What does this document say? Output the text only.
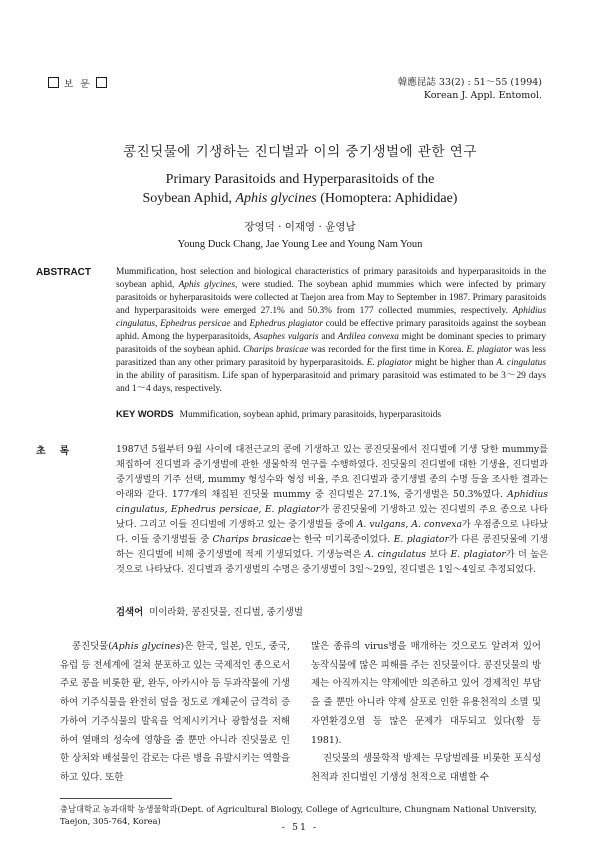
보 문	韓應昆誌 33(2) : 51～55 (1994)
Korean J. Appl. Entomol.
콩진딧물에 기생하는 진디벌과 이의 중기생벌에 관한 연구
Primary Parasitoids and Hyperparasitoids of the
Soybean Aphid, Aphis glycines (Homoptera: Aphididae)
장영덕 · 이재영 · 윤영남
Young Duck Chang, Jae Young Lee and Young Nam Youn
ABSTRACT	Mummification, host selection and biological characteristics of primary parasitoids and hyperparasitoids in the soybean aphid, Aphis glycines, were studied. The soybean aphid mummies which were infected by primary parasitoids or hyherparasitoids were collected at Taejon area from May to September in 1987. Primary parasitoids and hyperparasitoids were emerged 27.1% and 50.3% from 177 collected mummies, respectively. Aphidius cingulatus, Ephedrus persicae and Ephedrus plagiator could be effective primary parasitoids against the soybean aphid. Among the hyperparasitoids, Asaphes vulgaris and Ardilea convexa might be dominant species to primary parasitoids of the soybean aphid. Charips brasicae was recorded for the first time in Korea. E. plagiator was less parasitized than any other primary parasitoid by hyperparasitoids. E. plagiator might be higher than A. cingulatus in the ability of parasitism. Life span of hyperparasitoid and primary parasitoid was estimated to be 3～29 days and 1～4 days, respectively.
KEY WORDS Mummification, soybean aphid, primary parasitoids, hyperparasitoids
초록	1987년 5월부터 9월 사이에 대전근교의 콩에 기생하고 있는 콩진딧물에서 진디벌에 기생 당한 mummy를 채집하여 진디벌과 중기생벌에 관한 생물학적 연구를 수행하였다. 진딧물의 진디벌에 대한 기생율, 진디벌과 중기생벌의 기주 선택, mummy 형성수와 형성 비율, 주요 진디벌과 중기생벌 종의 수명 등을 조사한 결과는 아래와 같다. 177개의 채집된 진딧물 mummy 중 진디벌은 27.1%, 중기생벌은 50.3%였다. Aphidius cingulatus, Ephedrus persicae, E. plagiator가 콩진딧물에 기생하고 있는 진디벌의 주요 종으로 나타났다. 그리고 이들 진디벌에 기생하고 있는 중기생벌들 중에 A. vulgans, A. convexa가 우점종으로 나타났다. 이들 중기생벌들 중 Charips brasicae는 한국 미기록종이었다. E. plagiator가 다른 콩진딧물에 기생하는 진디벌에 비해 중기생벌에 적게 기생되었다. 기생능력은 A. cingulatus 보다 E. plagiator가 더 높은 것으로 나타났다. 진디벌과 중기생벌의 수명은 중기생벌이 3일～29일, 진디벌은 1일～4일로 추정되었다.
검색어 미이라화, 콩진딧물, 진디벌, 중기생벌
콩진딧물(Aphis glycines)은 한국, 일본, 인도, 중국, 유럽 등 전세계에 걸쳐 분포하고 있는 국제적인 종으로서 주로 콩을 비롯한 팥, 완두, 아카시아 등 두과작물에 기생하여 기주식물을 완전히 덮을 정도로 개체군이 급격히 증가하여 기주식물의 발육을 억제시키거나 광합성을 저해하여 열매의 성숙에 영향을 줄 뿐만 아니라 진딧물로 인한 상처와 배설물인 감로는 다른 병을 유발시키는 역할을 하고 있다. 또한
많은 종류의 virus병을 매개하는 것으로도 알려져 있어 농작식물에 많은 피해를 주는 진딧물이다. 콩진딧물의 방제는 아직까지는 약제에만 의존하고 있어 경제적인 부담을 줄 뿐만 아니라 약제 살포로 인한 유용천적의 소멸 및 자연환경오염 등 많은 문제가 대두되고 있다(황 등 1981).
진딧물의 생물학적 방제는 무당벌레를 비롯한 포식성 천적과 진디벌인 기생성 천적으로 대별할 수
충남대학교 농과대학 농생물학과(Dept. of Agricultural Biology, College of Agriculture, Chungnam National University, Taejon, 305-764, Korea)
- 51 -
